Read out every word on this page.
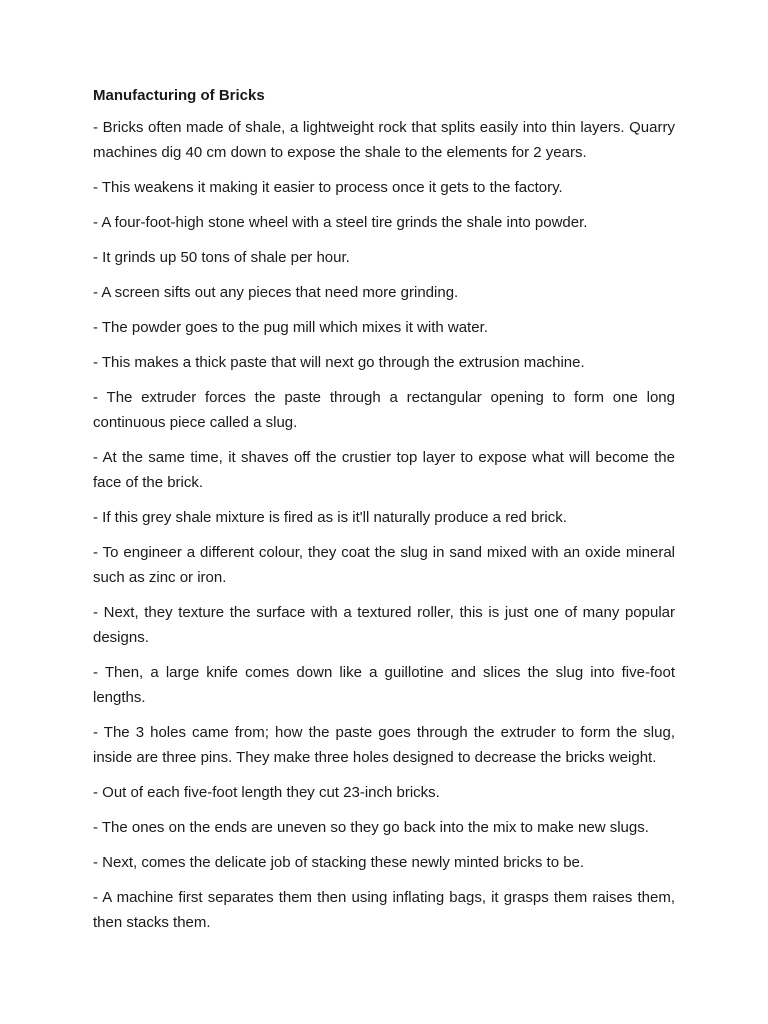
Manufacturing of Bricks

- Bricks often made of shale, a lightweight rock that splits easily into thin layers. Quarry machines dig 40 cm down to expose the shale to the elements for 2 years.

- This weakens it making it easier to process once it gets to the factory.

- A four-foot-high stone wheel with a steel tire grinds the shale into powder.

- It grinds up 50 tons of shale per hour.

- A screen sifts out any pieces that need more grinding.

- The powder goes to the pug mill which mixes it with water.

- This makes a thick paste that will next go through the extrusion machine.

- The extruder forces the paste through a rectangular opening to form one long continuous piece called a slug.

- At the same time, it shaves off the crustier top layer to expose what will become the face of the brick.

- If this grey shale mixture is fired as is it'll naturally produce a red brick.

- To engineer a different colour, they coat the slug in sand mixed with an oxide mineral such as zinc or iron.

- Next, they texture the surface with a textured roller, this is just one of many popular designs.

- Then, a large knife comes down like a guillotine and slices the slug into five-foot lengths.

- The 3 holes came from; how the paste goes through the extruder to form the slug, inside are three pins. They make three holes designed to decrease the bricks weight.

- Out of each five-foot length they cut 23-inch bricks.

- The ones on the ends are uneven so they go back into the mix to make new slugs.

- Next, comes the delicate job of stacking these newly minted bricks to be.

- A machine first separates them then using inflating bags, it grasps them raises them, then stacks them.
